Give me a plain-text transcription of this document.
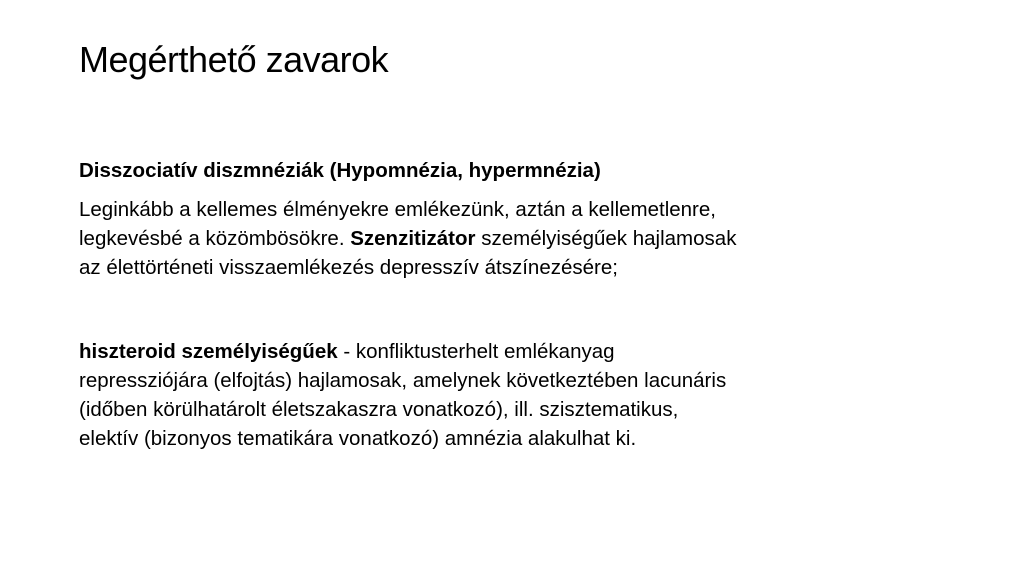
Megérthető zavarok

Disszociatív diszmnéziák (Hypomnézia, hypermnézia)

Leginkább a kellemes élményekre emlékezünk, aztán a kellemetlenre,
legkevésbé a közömbösökre. Szenzitizátor személyiségűek hajlamosak
az élettörténeti visszaemlékezés depresszív átszínezésére;

hiszteroid személyiségűek - konfliktusterhelt emlékanyag
repressziójára (elfojtás) hajlamosak, amelynek következtében lacunáris
(időben körülhatárolt életszakaszra vonatkozó), ill. szisztematikus,
elektív (bizonyos tematikára vonatkozó) amnézia alakulhat ki.
